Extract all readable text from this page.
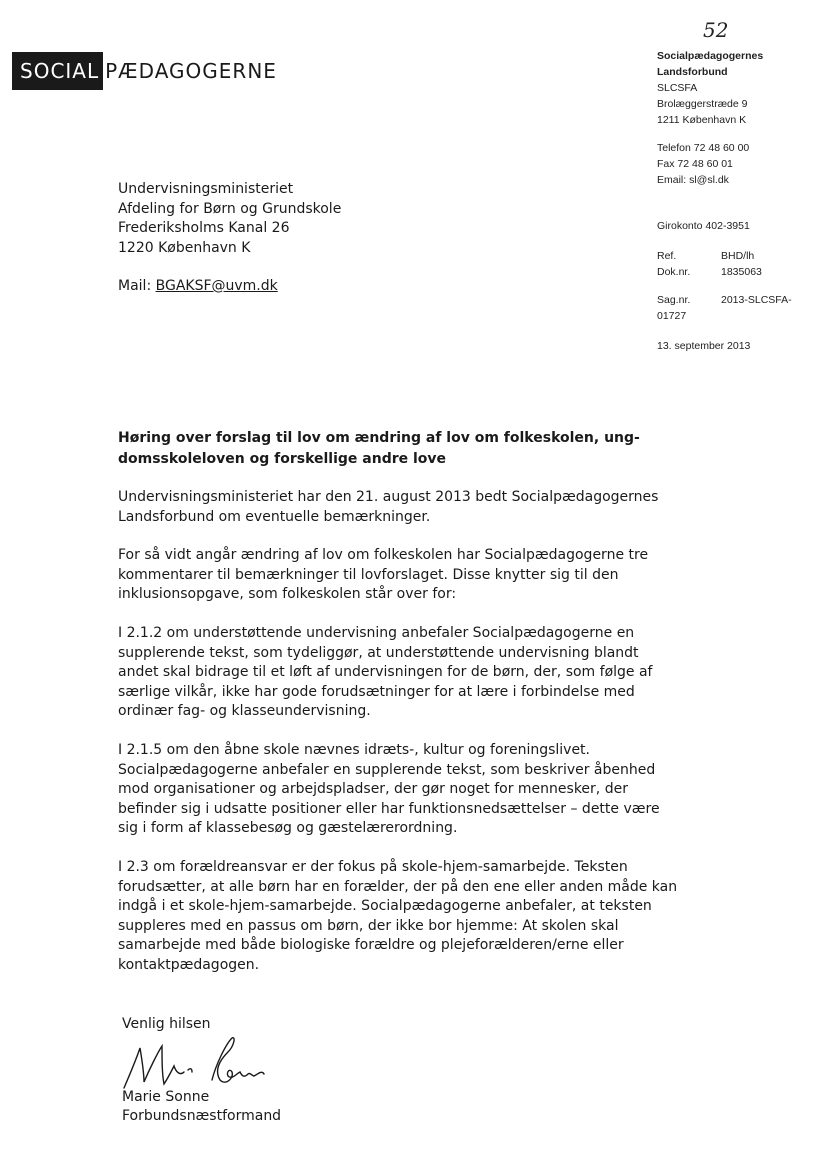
52
SOCIAL PÆDAGOGERNE
Socialpædagogernes
Landsforbund
SLCSFA
Brolæggerstræde 9
1211 København K
Telefon 72 48 60 00
Fax 72 48 60 01
Email: sl@sl.dk
Girokonto 402-3951
Ref.	BHD/lh
Dok.nr.	1835063
Sag.nr.	2013-SLCSFA-
01727
13. september 2013
Undervisningsministeriet
Afdeling for Børn og Grundskole
Frederiksholms Kanal 26
1220 København K
Mail: BGAKSF@uvm.dk
Høring over forslag til lov om ændring af lov om folkeskolen, ung-
domsskoleloven og forskellige andre love

Undervisningsministeriet har den 21. august 2013 bedt Socialpædagogernes Landsforbund om eventuelle bemærkninger.

For så vidt angår ændring af lov om folkeskolen har Socialpædagogerne tre kommentarer til bemærkninger til lovforslaget. Disse knytter sig til den inklusionsopgave, som folkeskolen står over for:

I 2.1.2 om understøttende undervisning anbefaler Socialpædagogerne en supplerende tekst, som tydeliggør, at understøttende undervisning blandt andet skal bidrage til et løft af undervisningen for de børn, der, som følge af særlige vilkår, ikke har gode forudsætninger for at lære i forbindelse med ordinær fag- og klasseundervisning.

I 2.1.5 om den åbne skole nævnes idræts-, kultur og foreningslivet. Socialpædagogerne anbefaler en supplerende tekst, som beskriver åbenhed mod organisationer og arbejdspladser, der gør noget for mennesker, der befinder sig i udsatte positioner eller har funktionsnedsættelser – dette være sig i form af klassebesøg og gæstelærerordning.

I 2.3 om forældreansvar er der fokus på skole-hjem-samarbejde. Teksten forudsætter, at alle børn har en forælder, der på den ene eller anden måde kan indgå i et skole-hjem-samarbejde. Socialpædagogerne anbefaler, at teksten suppleres med en passus om børn, der ikke bor hjemme: At skolen skal samarbejde med både biologiske forældre og plejeforælderen/erne eller kontaktpædagogen.

Venlig hilsen
Marie Sonne
Forbundsnæstformand
